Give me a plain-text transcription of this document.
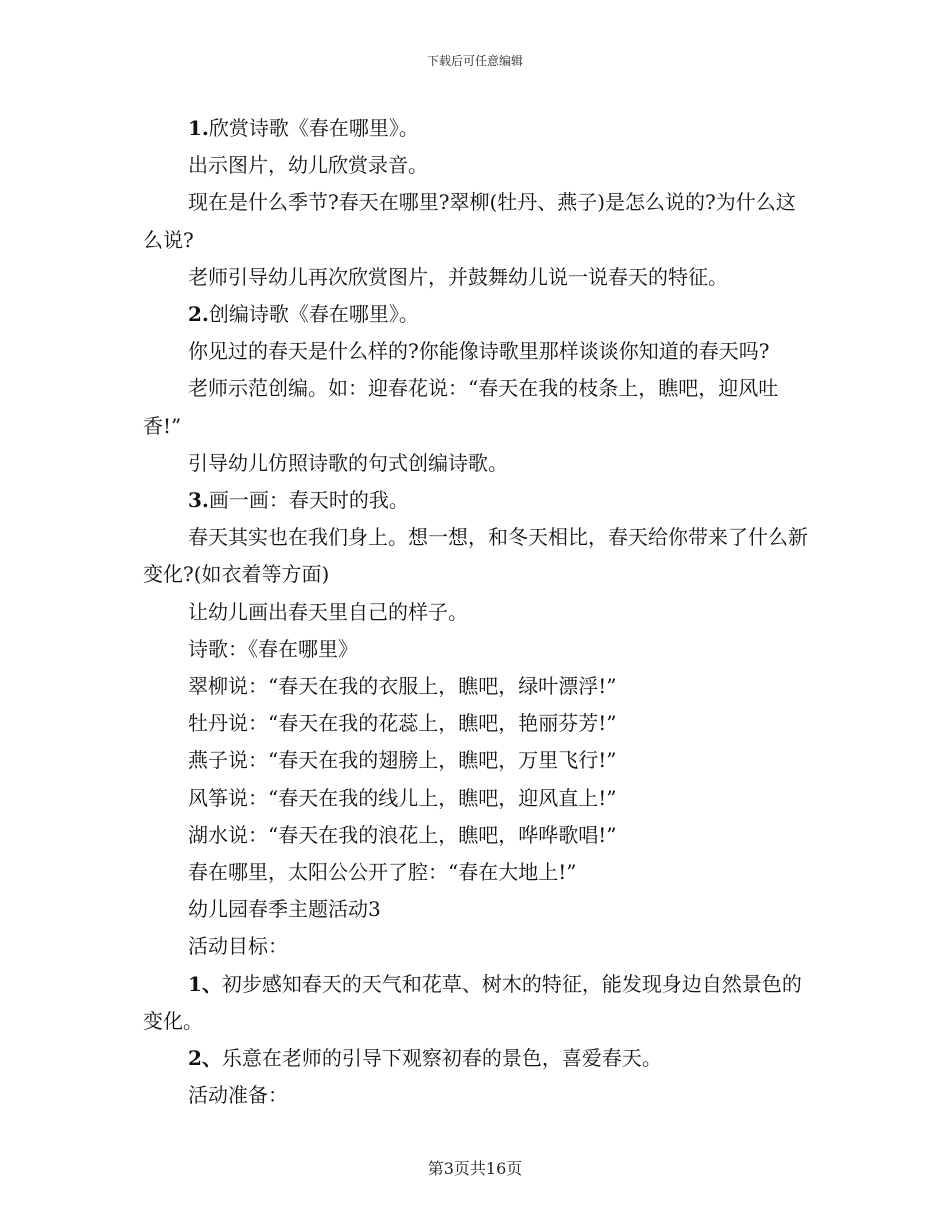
下载后可任意编辑

1.欣赏诗歌《春在哪里》。

出示图片，幼儿欣赏录音。

现在是什么季节?春天在哪里?翠柳(牡丹、燕子)是怎么说的?为什么这么说?

老师引导幼儿再次欣赏图片，并鼓舞幼儿说一说春天的特征。

2.创编诗歌《春在哪里》。

你见过的春天是什么样的?你能像诗歌里那样谈谈你知道的春天吗?

老师示范创编。如：迎春花说：“春天在我的枝条上，瞧吧，迎风吐香!”

引导幼儿仿照诗歌的句式创编诗歌。

3.画一画：春天时的我。

春天其实也在我们身上。想一想，和冬天相比，春天给你带来了什么新变化?(如衣着等方面)

让幼儿画出春天里自己的样子。

诗歌：《春在哪里》

翠柳说：“春天在我的衣服上，瞧吧，绿叶漂浮!”

牡丹说：“春天在我的花蕊上，瞧吧，艳丽芬芳!”

燕子说：“春天在我的翅膀上，瞧吧，万里飞行!”

风筝说：“春天在我的线儿上，瞧吧，迎风直上!”

湖水说：“春天在我的浪花上，瞧吧，哗哗歌唱!”

春在哪里，太阳公公开了腔：“春在大地上!”

幼儿园春季主题活动3

活动目标：

1、初步感知春天的天气和花草、树木的特征，能发现身边自然景色的变化。

2、乐意在老师的引导下观察初春的景色，喜爱春天。

活动准备：

第3页共16页
